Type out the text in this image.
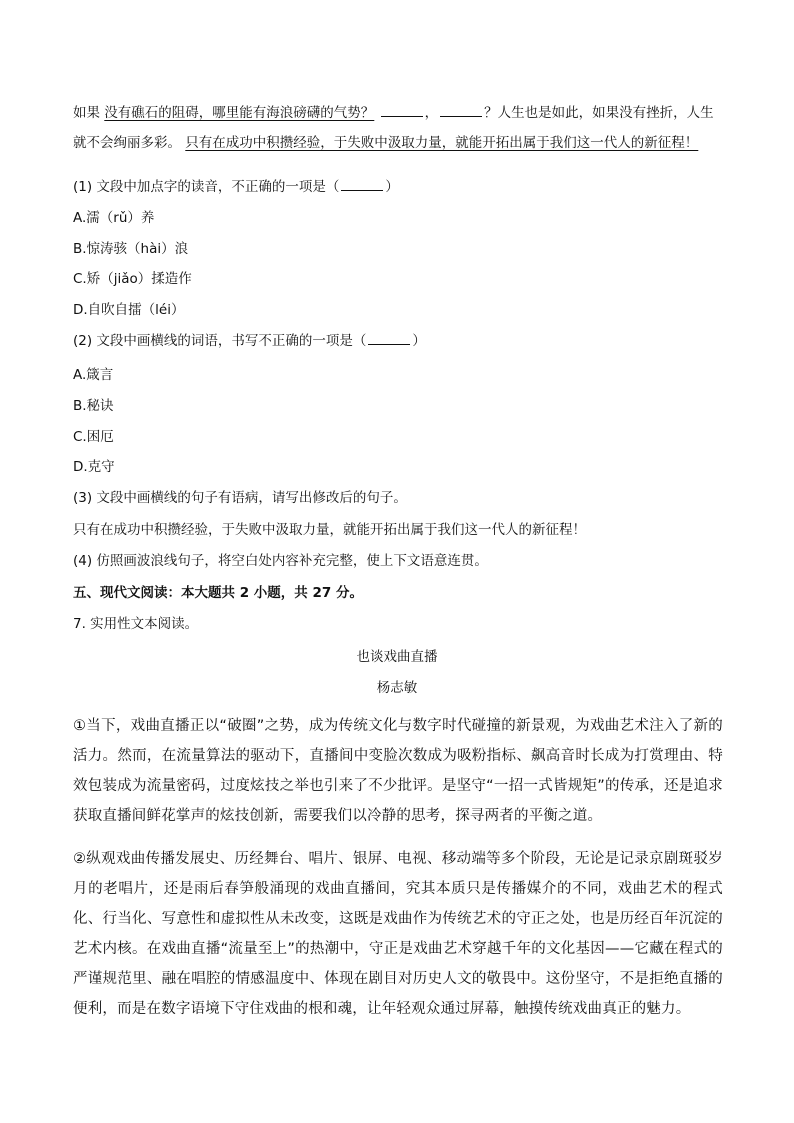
如果 没有礁石的阻碍，哪里能有海浪磅礴的气势？	，	？人生也是如此，如果没有挫折，人生
就不会绚丽多彩。 只有在成功中积攒经验，于失败中汲取力量，就能开拓出属于我们这一代人的新征程！
(1) 文段中加点字的读音，不正确的一项是（	）
A.濡（rǔ）养
B.惊涛骇（hài）浪
C.矫（jiǎo）揉造作
D.自吹自擂（léi）
(2) 文段中画横线的词语，书写不正确的一项是（	）
A.箴言
B.秘诀
C.困厄
D.克守
(3) 文段中画横线的句子有语病，请写出修改后的句子。
只有在成功中积攒经验，于失败中汲取力量，就能开拓出属于我们这一代人的新征程！
(4) 仿照画波浪线句子，将空白处内容补充完整，使上下文语意连贯。
五、现代文阅读：本大题共 2 小题，共 27 分。
7. 实用性文本阅读。
也谈戏曲直播
杨志敏
①当下，戏曲直播正以“破圈”之势，成为传统文化与数字时代碰撞的新景观，为戏曲艺术注入了新的活力。然而，在流量算法的驱动下，直播间中变脸次数成为吸粉指标、飙高音时长成为打赏理由、特效包装成为流量密码，过度炫技之举也引来了不少批评。是坚守“一招一式皆规矩”的传承，还是追求获取直播间鲜花掌声的炫技创新，需要我们以冷静的思考，探寻两者的平衡之道。
②纵观戏曲传播发展史、历经舞台、唱片、银屏、电视、移动端等多个阶段，无论是记录京剧斑驳岁月的老唱片，还是雨后春笋般涌现的戏曲直播间，究其本质只是传播媒介的不同，戏曲艺术的程式化、行当化、写意性和虚拟性从未改变，这既是戏曲作为传统艺术的守正之处，也是历经百年沉淀的艺术内核。在戏曲直播“流量至上”的热潮中，守正是戏曲艺术穿越千年的文化基因——它藏在程式的严谨规范里、融在唱腔的情感温度中、体现在剧目对历史人文的敬畏中。这份坚守，不是拒绝直播的便利，而是在数字语境下守住戏曲的根和魂，让年轻观众通过屏幕，触摸传统戏曲真正的魅力。
